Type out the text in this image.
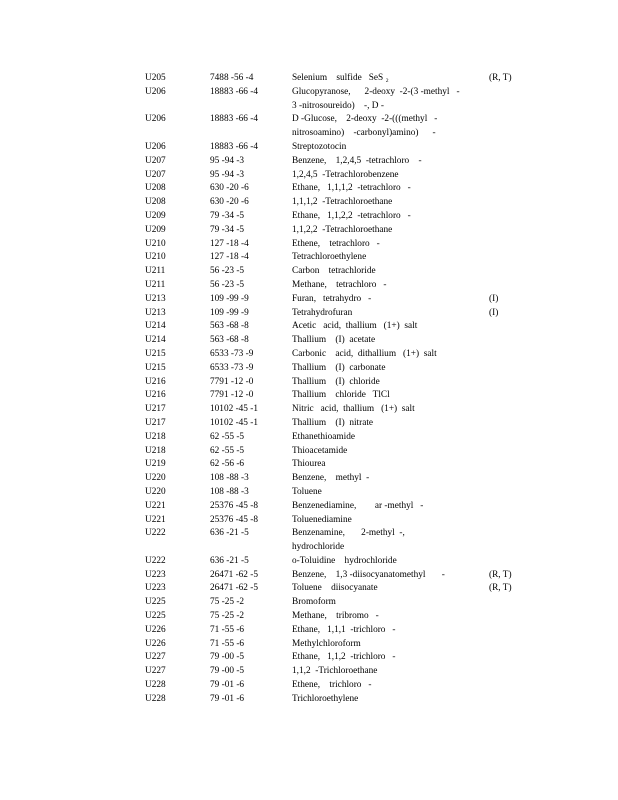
U205	7488 -56 -4	Selenium    sulfide   SeS ₂	(R, T)
U206	18883 -66 -4	Glucopyranose,      2-deoxy  -2-(3 -methyl   -
3 -nitrosoureido)    -, D -
U206	18883 -66 -4	D -Glucose,    2-deoxy  -2-(((methyl   -
nitrosoamino)    -carbonyl)amino)      -
U206	18883 -66 -4	Streptozotocin
U207	95 -94 -3	Benzene,    1,2,4,5  -tetrachloro    -
U207	95 -94 -3	1,2,4,5  -Tetrachlorobenzene
U208	630 -20 -6	Ethane,   1,1,1,2  -tetrachloro   -
U208	630 -20 -6	1,1,1,2  -Tetrachloroethane
U209	79 -34 -5	Ethane,   1,1,2,2  -tetrachloro   -
U209	79 -34 -5	1,1,2,2  -Tetrachloroethane
U210	127 -18 -4	Ethene,    tetrachloro   -
U210	127 -18 -4	Tetrachloroethylene
U211	56 -23 -5	Carbon    tetrachloride
U211	56 -23 -5	Methane,    tetrachloro   -
U213	109 -99 -9	Furan,   tetrahydro   -	(I)
U213	109 -99 -9	Tetrahydrofuran	(I)
U214	563 -68 -8	Acetic   acid,  thallium   (1+)  salt
U214	563 -68 -8	Thallium    (I)  acetate
U215	6533 -73 -9	Carbonic    acid,  dithallium   (1+)  salt
U215	6533 -73 -9	Thallium    (I)  carbonate
U216	7791 -12 -0	Thallium    (I)  chloride
U216	7791 -12 -0	Thallium    chloride   TlCl
U217	10102 -45 -1	Nitric   acid,  thallium   (1+)  salt
U217	10102 -45 -1	Thallium    (I)  nitrate
U218	62 -55 -5	Ethanethioamide
U218	62 -55 -5	Thioacetamide
U219	62 -56 -6	Thiourea
U220	108 -88 -3	Benzene,    methyl  -
U220	108 -88 -3	Toluene
U221	25376 -45 -8	Benzenediamine,        ar -methyl   -
U221	25376 -45 -8	Toluenediamine
U222	636 -21 -5	Benzenamine,       2-methyl  -,
hydrochloride
U222	636 -21 -5	o-Toluidine    hydrochloride
U223	26471 -62 -5	Benzene,    1,3 -diisocyanatomethyl       -	(R, T)
U223	26471 -62 -5	Toluene    diisocyanate	(R, T)
U225	75 -25 -2	Bromoform
U225	75 -25 -2	Methane,    tribromo   -
U226	71 -55 -6	Ethane,   1,1,1  -trichloro   -
U226	71 -55 -6	Methylchloroform
U227	79 -00 -5	Ethane,   1,1,2  -trichloro   -
U227	79 -00 -5	1,1,2  -Trichloroethane
U228	79 -01 -6	Ethene,    trichloro   -
U228	79 -01 -6	Trichloroethylene
